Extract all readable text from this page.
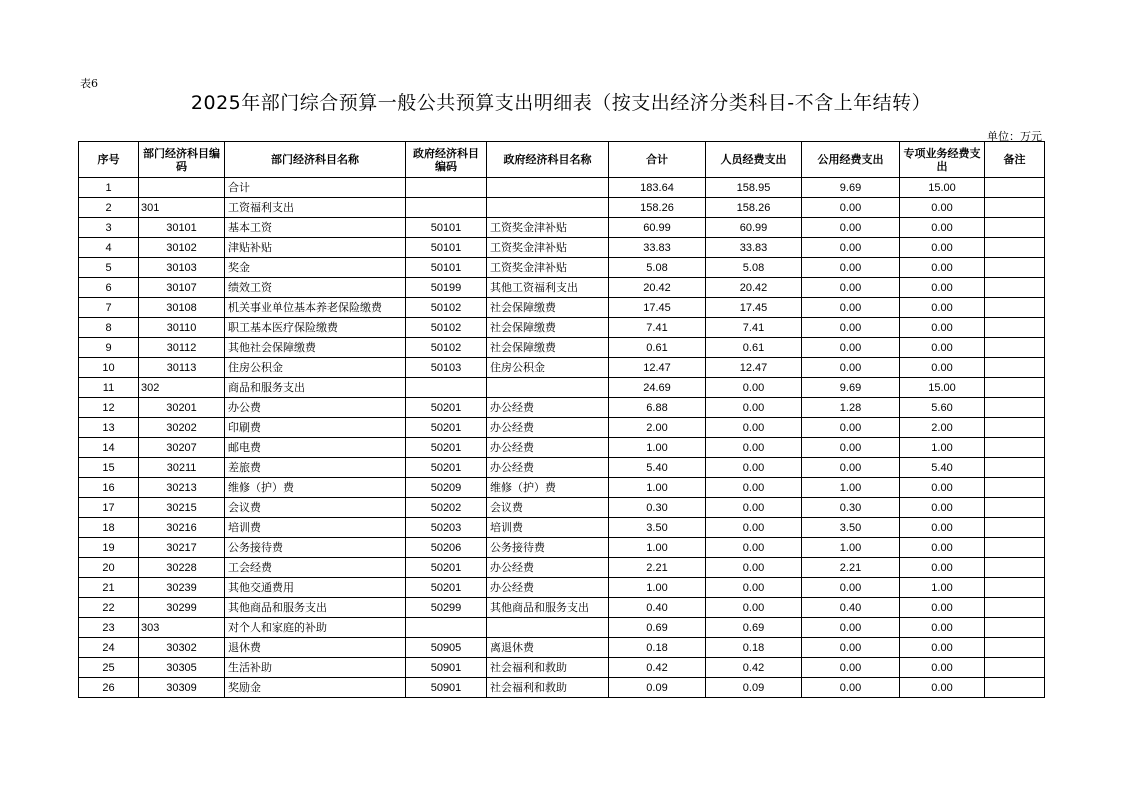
表6
2025年部门综合预算一般公共预算支出明细表（按支出经济分类科目-不含上年结转）
单位：万元
序号	部门经济科目编码	部门经济科目名称	政府经济科目编码	政府经济科目名称	合计	人员经费支出	公用经费支出	专项业务经费支出	备注
1		合计			183.64	158.95	9.69	15.00	
2	301	工资福利支出			158.26	158.26	0.00	0.00	
3	30101	基本工资	50101	工资奖金津补贴	60.99	60.99	0.00	0.00	
4	30102	津贴补贴	50101	工资奖金津补贴	33.83	33.83	0.00	0.00	
5	30103	奖金	50101	工资奖金津补贴	5.08	5.08	0.00	0.00	
6	30107	绩效工资	50199	其他工资福利支出	20.42	20.42	0.00	0.00	
7	30108	机关事业单位基本养老保险缴费	50102	社会保障缴费	17.45	17.45	0.00	0.00	
8	30110	职工基本医疗保险缴费	50102	社会保障缴费	7.41	7.41	0.00	0.00	
9	30112	其他社会保障缴费	50102	社会保障缴费	0.61	0.61	0.00	0.00	
10	30113	住房公积金	50103	住房公积金	12.47	12.47	0.00	0.00	
11	302	商品和服务支出			24.69	0.00	9.69	15.00	
12	30201	办公费	50201	办公经费	6.88	0.00	1.28	5.60	
13	30202	印刷费	50201	办公经费	2.00	0.00	0.00	2.00	
14	30207	邮电费	50201	办公经费	1.00	0.00	0.00	1.00	
15	30211	差旅费	50201	办公经费	5.40	0.00	0.00	5.40	
16	30213	维修（护）费	50209	维修（护）费	1.00	0.00	1.00	0.00	
17	30215	会议费	50202	会议费	0.30	0.00	0.30	0.00	
18	30216	培训费	50203	培训费	3.50	0.00	3.50	0.00	
19	30217	公务接待费	50206	公务接待费	1.00	0.00	1.00	0.00	
20	30228	工会经费	50201	办公经费	2.21	0.00	2.21	0.00	
21	30239	其他交通费用	50201	办公经费	1.00	0.00	0.00	1.00	
22	30299	其他商品和服务支出	50299	其他商品和服务支出	0.40	0.00	0.40	0.00	
23	303	对个人和家庭的补助			0.69	0.69	0.00	0.00	
24	30302	退休费	50905	离退休费	0.18	0.18	0.00	0.00	
25	30305	生活补助	50901	社会福利和救助	0.42	0.42	0.00	0.00	
26	30309	奖励金	50901	社会福利和救助	0.09	0.09	0.00	0.00	
